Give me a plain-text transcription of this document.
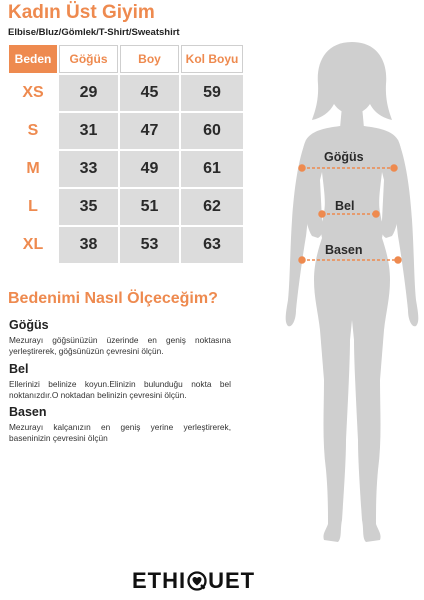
Kadın Üst Giyim
Elbise/Bluz/Gömlek/T-Shirt/Sweatshirt
Beden	Göğüs	Boy	Kol Boyu
XS	29	45	59
S	31	47	60
M	33	49	61
L	35	51	62
XL	38	53	63
Bedenimi Nasıl Ölçeceğim?
Göğüs
Mezurayı göğsünüzün üzerinde en geniş noktasına yerleştirerek, göğsünüzün çevresini ölçün.
Bel
Ellerinizi belinize koyun.Elinizin bulunduğu nokta bel noktanızdır.O noktadan belinizin çevresini ölçün.
Basen
Mezurayı kalçanızın en geniş yerine yerleştirerek, baseninizin çevresini ölçün
Göğüs
Bel
Basen
ETHI UET
